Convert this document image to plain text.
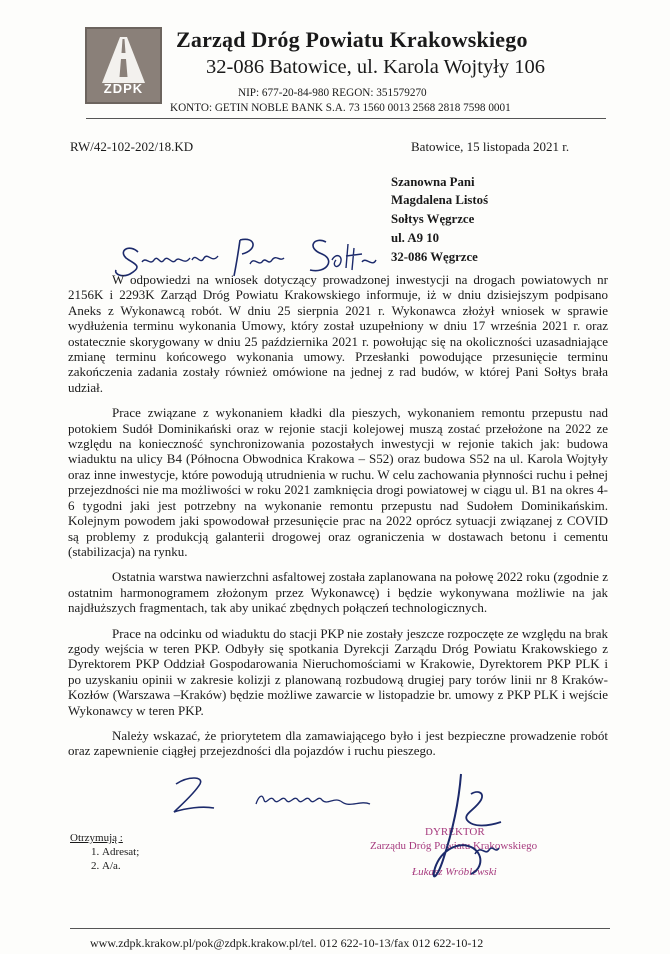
ZDPK
Zarząd Dróg Powiatu Krakowskiego
32-086 Batowice, ul. Karola Wojtyły 106
NIP: 677-20-84-980 REGON: 351579270
KONTO: GETIN NOBLE BANK S.A. 73 1560 0013 2568 2818 7598 0001
RW/42-102-202/18.KD	Batowice, 15 listopada 2021 r.
Szanowna Pani
Magdalena Listoś
Sołtys Węgrzce
ul. A9 10
32-086 Węgrzce

W odpowiedzi na wniosek dotyczący prowadzonej inwestycji na drogach powiatowych nr 2156K i 2293K Zarząd Dróg Powiatu Krakowskiego informuje, iż w dniu dzisiejszym podpisano Aneks z Wykonawcą robót. W dniu 25 sierpnia 2021 r. Wykonawca złożył wniosek w sprawie wydłużenia terminu wykonania Umowy, który został uzupełniony w dniu 17 września 2021 r. oraz ostatecznie skorygowany w dniu 25 października 2021 r. powołując się na okoliczności uzasadniające zmianę terminu końcowego wykonania umowy. Przesłanki powodujące przesunięcie terminu zakończenia zadania zostały również omówione na jednej z rad budów, w której Pani Sołtys brała udział.

Prace związane z wykonaniem kładki dla pieszych, wykonaniem remontu przepustu nad potokiem Sudół Dominikański oraz w rejonie stacji kolejowej muszą zostać przełożone na 2022 ze względu na konieczność synchronizowania pozostałych inwestycji w rejonie takich jak: budowa wiaduktu na ulicy B4 (Północna Obwodnica Krakowa – S52) oraz budowa S52 na ul. Karola Wojtyły oraz inne inwestycje, które powodują utrudnienia w ruchu. W celu zachowania płynności ruchu i pełnej przejezdności nie ma możliwości w roku 2021 zamknięcia drogi powiatowej w ciągu ul. B1 na okres 4-6 tygodni jaki jest potrzebny na wykonanie remontu przepustu nad Sudołem Dominikańskim. Kolejnym powodem jaki spowodował przesunięcie prac na 2022 oprócz sytuacji związanej z COVID są problemy z produkcją galanterii drogowej oraz ograniczenia w dostawach betonu i cementu (stabilizacja) na rynku.

Ostatnia warstwa nawierzchni asfaltowej została zaplanowana na połowę 2022 roku (zgodnie z ostatnim harmonogramem złożonym przez Wykonawcę) i będzie wykonywana możliwie na jak najdłuższych fragmentach, tak aby unikać zbędnych połączeń technologicznych.

Prace na odcinku od wiaduktu do stacji PKP nie zostały jeszcze rozpoczęte ze względu na brak zgody wejścia w teren PKP. Odbyły się spotkania Dyrekcji Zarządu Dróg Powiatu Krakowskiego z Dyrektorem PKP Oddział Gospodarowania Nieruchomościami w Krakowie, Dyrektorem PKP PLK i po uzyskaniu opinii w zakresie kolizji z planowaną rozbudową drugiej pary torów linii nr 8 Kraków-Kozłów (Warszawa –Kraków) będzie możliwe zawarcie w listopadzie br. umowy z PKP PLK i wejście Wykonawcy w teren PKP.

Należy wskazać, że priorytetem dla zamawiającego było i jest bezpieczne prowadzenie robót oraz zapewnienie ciągłej przejezdności dla pojazdów i ruchu pieszego.

Otrzymują :
1. Adresat;
2. A/a.
DYREKTOR
Zarządu Dróg Powiatu Krakowskiego
Łukasz Wróblewski
www.zdpk.krakow.pl/pok@zdpk.krakow.pl/tel. 012 622-10-13/fax 012 622-10-12
